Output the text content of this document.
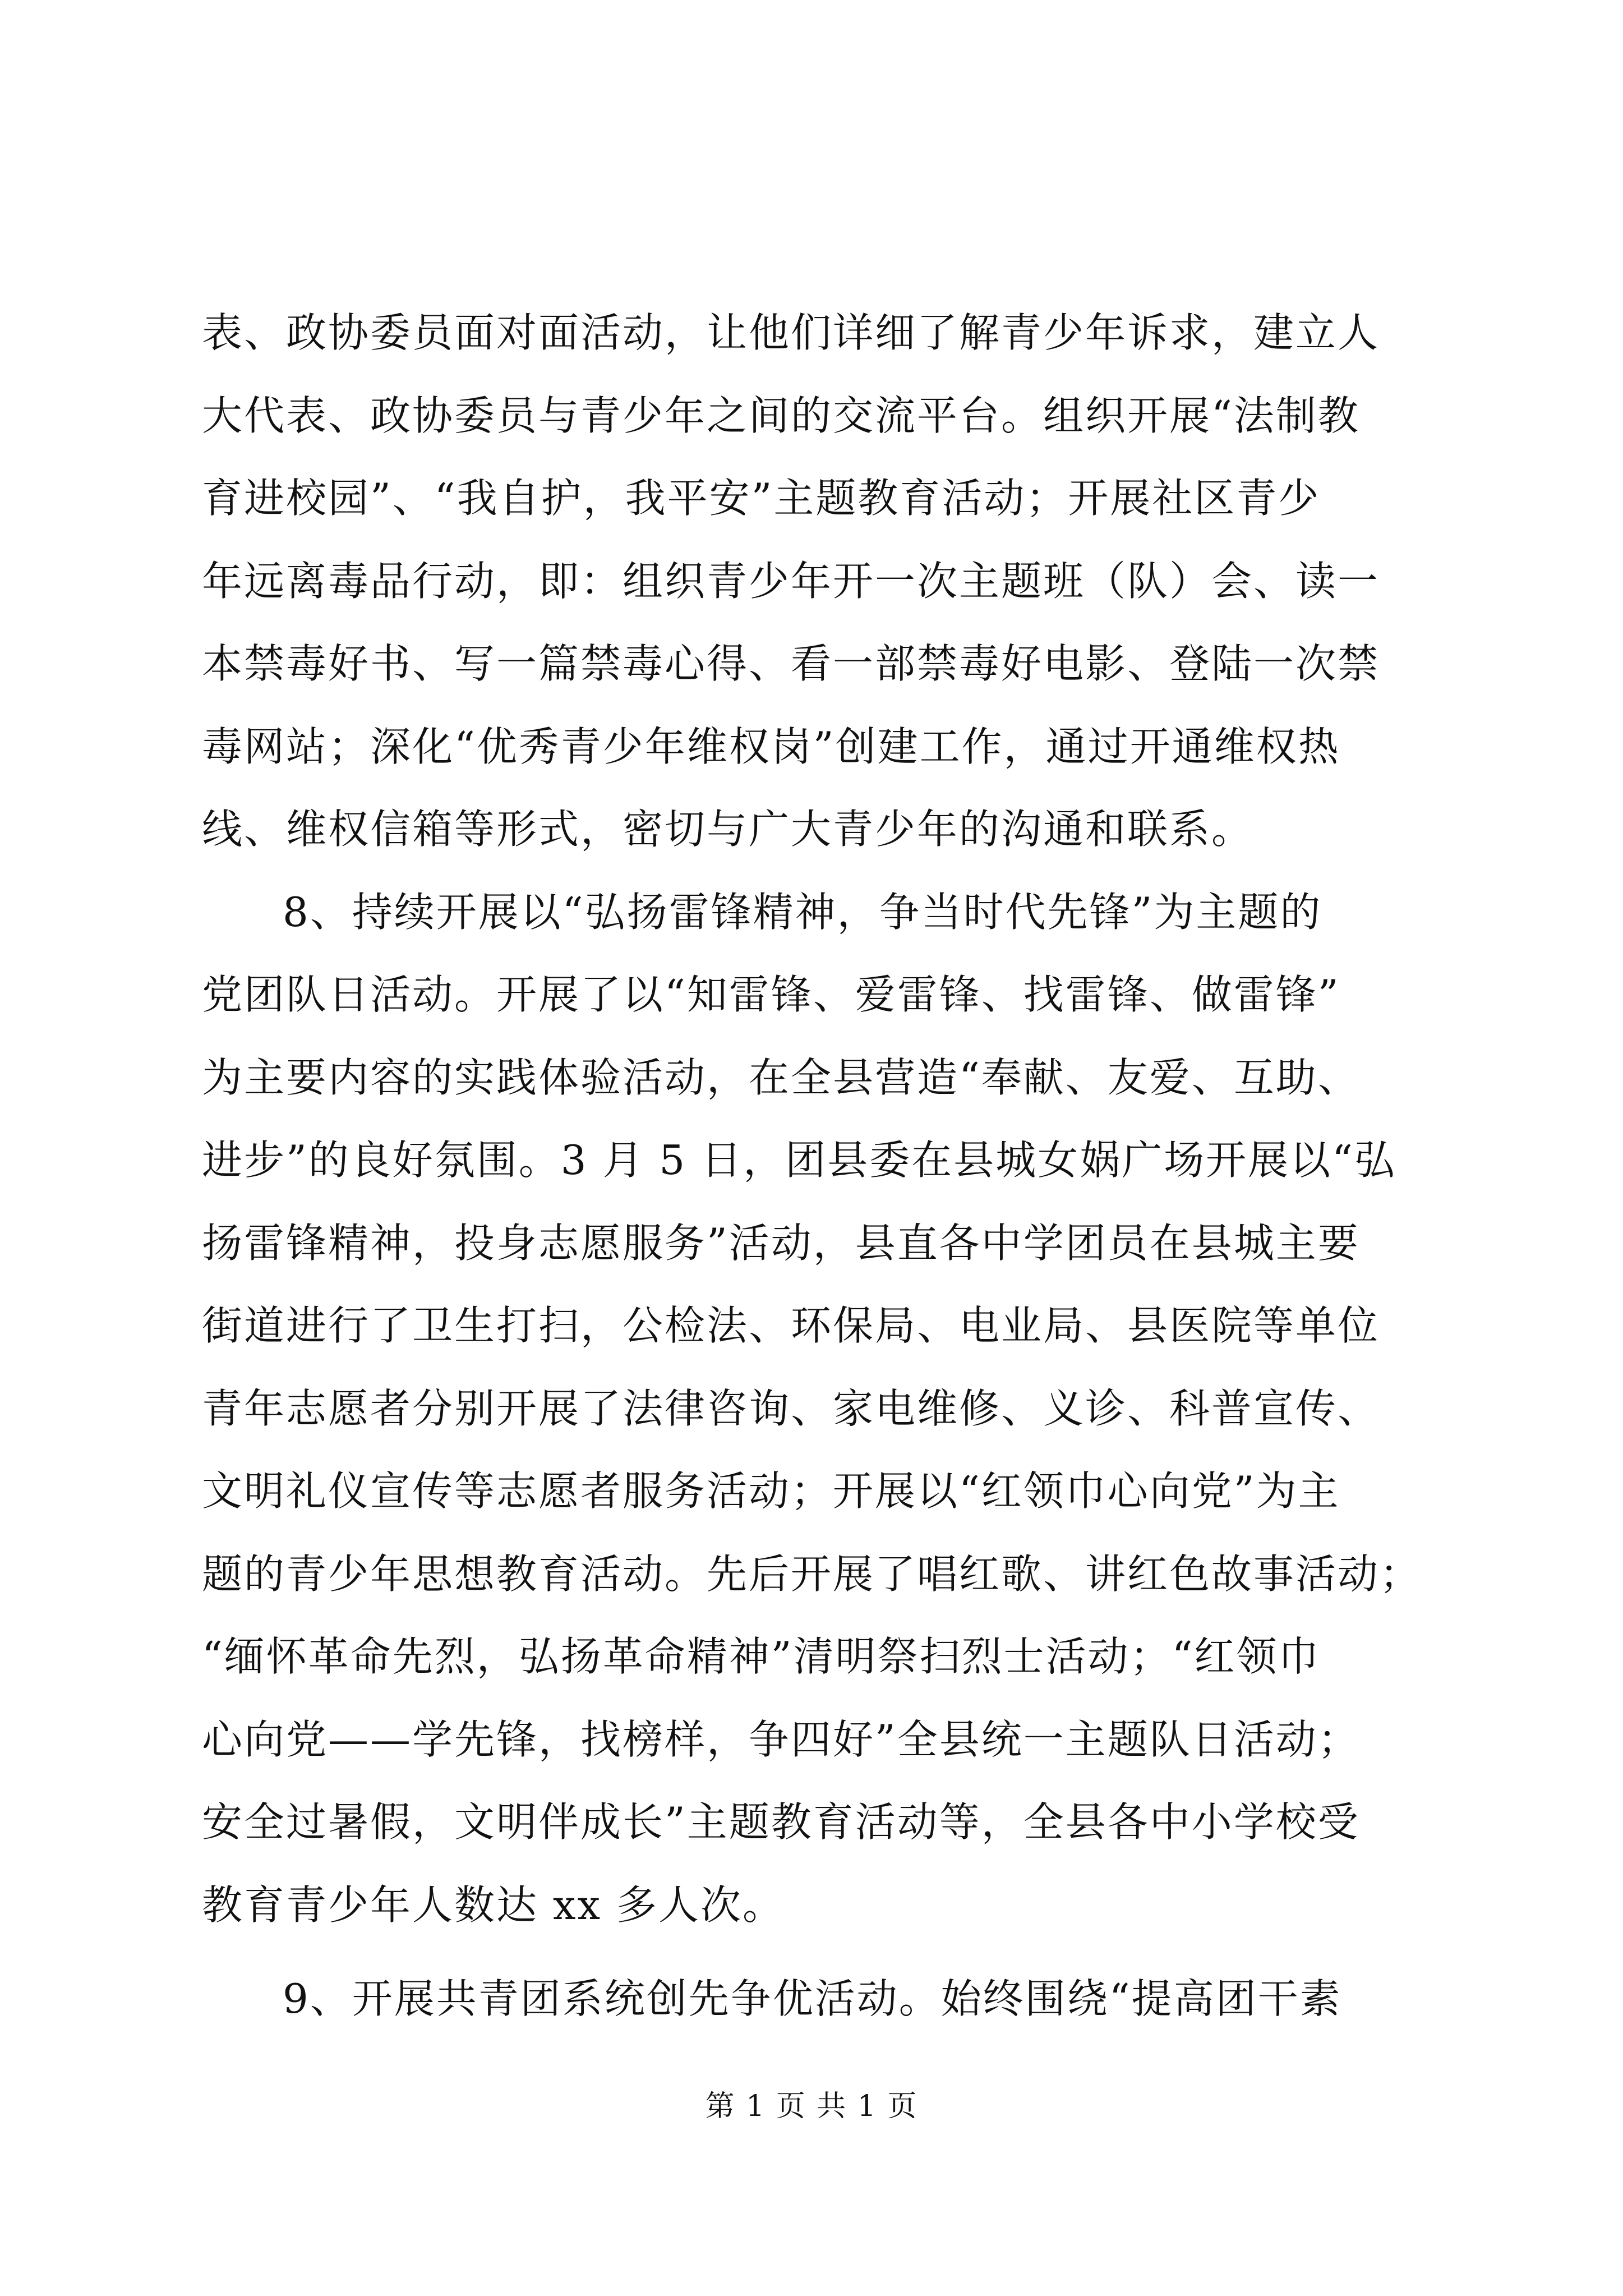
表、政协委员面对面活动，让他们详细了解青少年诉求，建立人
大代表、政协委员与青少年之间的交流平台。组织开展“法制教
育进校园”、“我自护，我平安”主题教育活动；开展社区青少
年远离毒品行动，即：组织青少年开一次主题班（队）会、读一
本禁毒好书、写一篇禁毒心得、看一部禁毒好电影、登陆一次禁
毒网站；深化“优秀青少年维权岗”创建工作，通过开通维权热
线、维权信箱等形式，密切与广大青少年的沟通和联系。
8、持续开展以“弘扬雷锋精神，争当时代先锋”为主题的
党团队日活动。开展了以“知雷锋、爱雷锋、找雷锋、做雷锋”
为主要内容的实践体验活动，在全县营造“奉献、友爱、互助、
进步”的良好氛围。3 月 5 日，团县委在县城女娲广场开展以“弘
扬雷锋精神，投身志愿服务”活动，县直各中学团员在县城主要
街道进行了卫生打扫，公检法、环保局、电业局、县医院等单位
青年志愿者分别开展了法律咨询、家电维修、义诊、科普宣传、
文明礼仪宣传等志愿者服务活动；开展以“红领巾心向党”为主
题的青少年思想教育活动。先后开展了唱红歌、讲红色故事活动；
“缅怀革命先烈，弘扬革命精神”清明祭扫烈士活动；“红领巾
心向党——学先锋，找榜样，争四好”全县统一主题队日活动；
安全过暑假，文明伴成长”主题教育活动等，全县各中小学校受
教育青少年人数达 xx 多人次。
9、开展共青团系统创先争优活动。始终围绕“提高团干素
第 1 页 共 1 页
